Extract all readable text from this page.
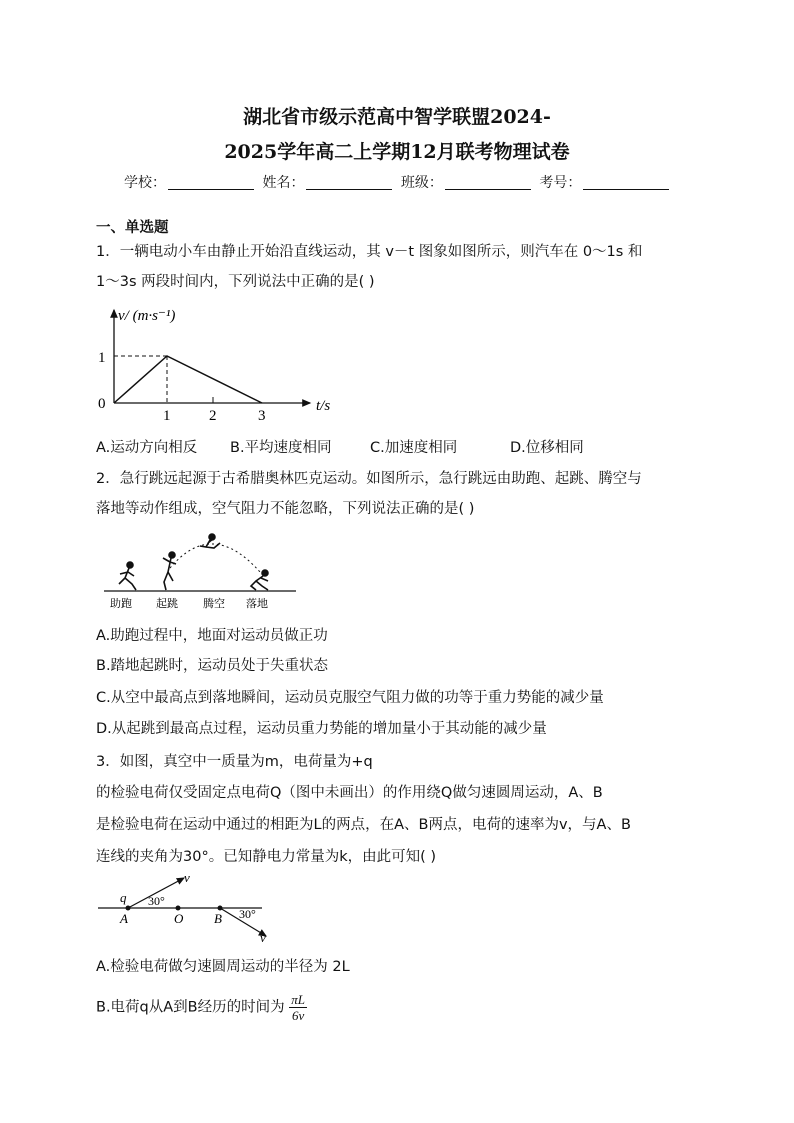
湖北省市级示范高中智学联盟2024-
2025学年高二上学期12月联考物理试卷
学校：	姓名：	班级：	考号：
一、单选题
1．一辆电动小车由静止开始沿直线运动，其 v－t 图象如图所示，则汽车在 0～1s 和
1～3s 两段时间内，下列说法中正确的是( )
v/ (m·s⁻¹)
1
0
1	2	3
t/s
A.运动方向相反 B.平均速度相同	C.加速度相同	D.位移相同
2．急行跳远起源于古希腊奥林匹克运动。如图所示，急行跳远由助跑、起跳、腾空与
落地等动作组成，空气阻力不能忽略，下列说法正确的是( )
助跑 起跳 腾空 落地
A.助跑过程中，地面对运动员做正功
B.踏地起跳时，运动员处于失重状态
C.从空中最高点到落地瞬间，运动员克服空气阻力做的功等于重力势能的减少量
D.从起跳到最高点过程，运动员重力势能的增加量小于其动能的减少量
3．如图，真空中一质量为m，电荷量为+q
的检验电荷仅受固定点电荷Q（图中未画出）的作用绕Q做匀速圆周运动，A、B
是检验电荷在运动中通过的相距为L的两点，在A、B两点，电荷的速率为v，与A、B
连线的夹角为30°。已知静电力常量为k，由此可知( )
q
A	O B
30°
30°
v
v
A.检验电荷做匀速圆周运动的半径为 2L
B.电荷q从A到B经历的时间为 $\frac{\pi L}{6v}$
